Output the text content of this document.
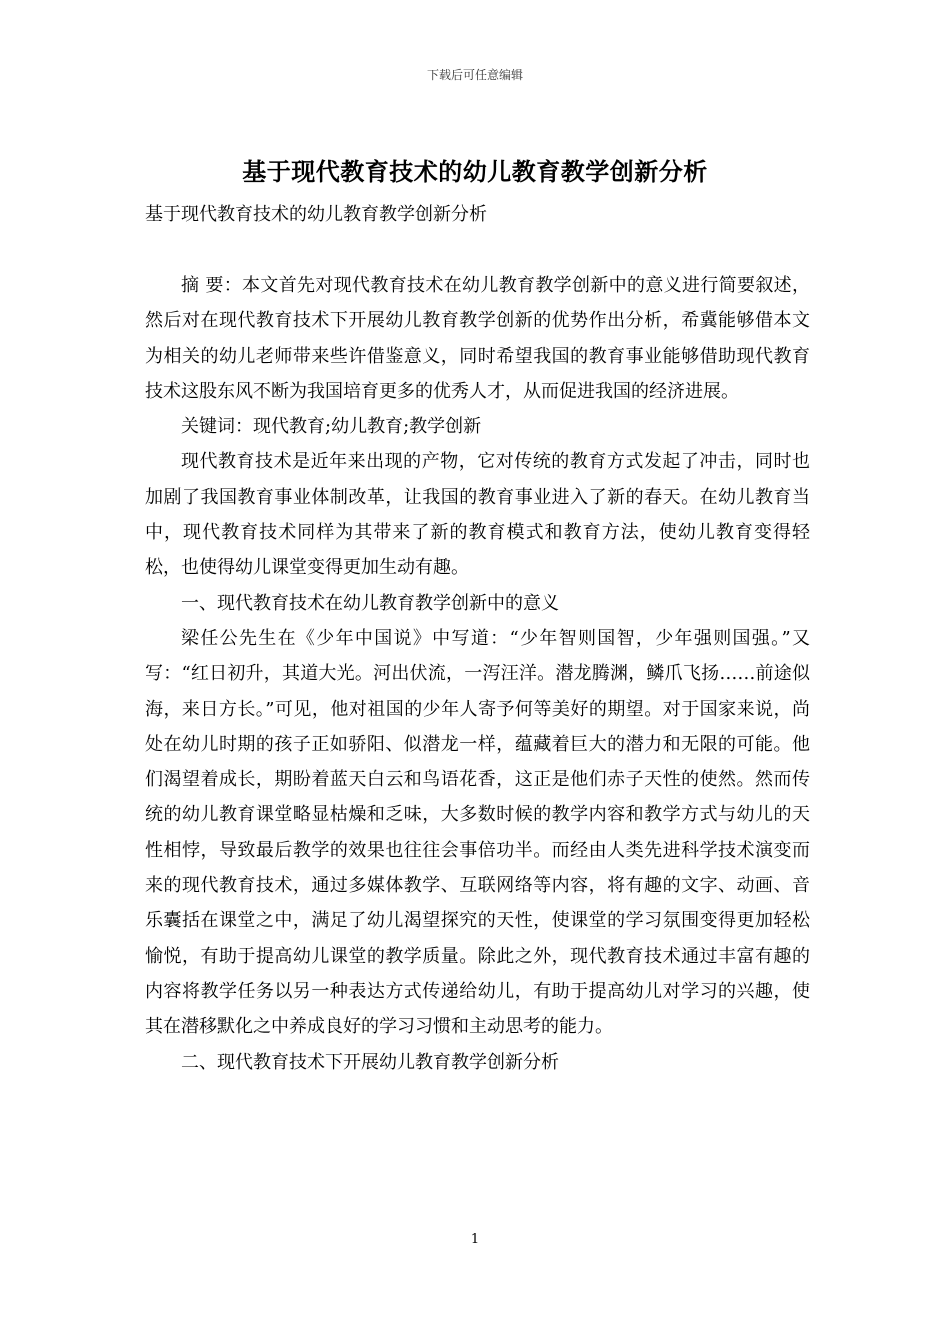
下载后可任意编辑
基于现代教育技术的幼儿教育教学创新分析
基于现代教育技术的幼儿教育教学创新分析

摘 要：本文首先对现代教育技术在幼儿教育教学创新中的意义进行简要叙述，然后对在现代教育技术下开展幼儿教育教学创新的优势作出分析，希冀能够借本文为相关的幼儿老师带来些许借鉴意义，同时希望我国的教育事业能够借助现代教育技术这股东风不断为我国培育更多的优秀人才，从而促进我国的经济进展。

关键词：现代教育;幼儿教育;教学创新

现代教育技术是近年来出现的产物，它对传统的教育方式发起了冲击，同时也加剧了我国教育事业体制改革，让我国的教育事业进入了新的春天。在幼儿教育当中，现代教育技术同样为其带来了新的教育模式和教育方法，使幼儿教育变得轻松，也使得幼儿课堂变得更加生动有趣。

一、现代教育技术在幼儿教育教学创新中的意义

梁任公先生在《少年中国说》中写道：“少年智则国智，少年强则国强。”又写：“红日初升，其道大光。河出伏流，一泻汪洋。潜龙腾渊，鳞爪飞扬……前途似海，来日方长。”可见，他对祖国的少年人寄予何等美好的期望。对于国家来说，尚处在幼儿时期的孩子正如骄阳、似潜龙一样，蕴藏着巨大的潜力和无限的可能。他们渴望着成长，期盼着蓝天白云和鸟语花香，这正是他们赤子天性的使然。然而传统的幼儿教育课堂略显枯燥和乏味，大多数时候的教学内容和教学方式与幼儿的天性相悖，导致最后教学的效果也往往会事倍功半。而经由人类先进科学技术演变而来的现代教育技术，通过多媒体教学、互联网络等内容，将有趣的文字、动画、音乐囊括在课堂之中，满足了幼儿渴望探究的天性，使课堂的学习氛围变得更加轻松愉悦，有助于提高幼儿课堂的教学质量。除此之外，现代教育技术通过丰富有趣的内容将教学任务以另一种表达方式传递给幼儿，有助于提高幼儿对学习的兴趣，使其在潜移默化之中养成良好的学习习惯和主动思考的能力。

二、现代教育技术下开展幼儿教育教学创新分析

1
